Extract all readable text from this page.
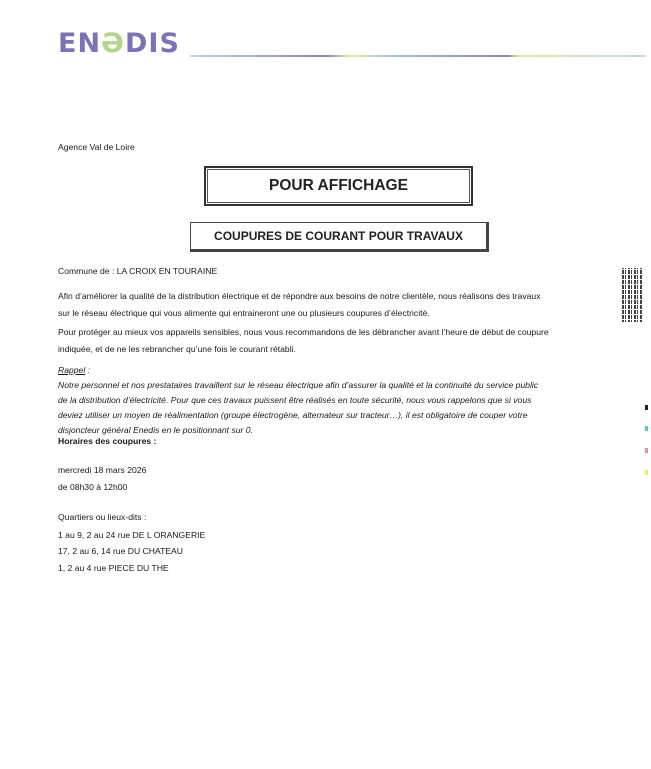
ENƏDIS
Agence Val de Loire
POUR AFFICHAGE
COUPURES DE COURANT POUR TRAVAUX
Commune de : LA CROIX EN TOURAINE
Afin d’améliorer la qualité de la distribution électrique et de répondre aux besoins de notre clientèle, nous réalisons des travaux
sur le réseau électrique qui vous alimente qui entraineront une ou plusieurs coupures d’électricité.
Pour protéger au mieux vos appareils sensibles, nous vous recommandons de les débrancher avant l’heure de début de coupure
indiquée, et de ne les rebrancher qu’une fois le courant rétabli.
Rappel :
Notre personnel et nos prestataires travaillent sur le réseau électrique afin d’assurer la qualité et la continuité du service public
de la distribution d’électricité. Pour que ces travaux puissent être réalisés en toute sécurité, nous vous rappelons que si vous
deviez utiliser un moyen de réalimentation (groupe électrogène, alternateur sur tracteur…), il est obligatoire de couper votre
disjoncteur général Enedis en le positionnant sur 0.
Horaires des coupures :
mercredi 18 mars 2026
de 08h30 à 12h00
Quartiers ou lieux-dits :
1 au 9, 2 au 24 rue DE L ORANGERIE
17, 2 au 6, 14 rue DU CHATEAU
1, 2 au 4 rue PIECE DU THE
